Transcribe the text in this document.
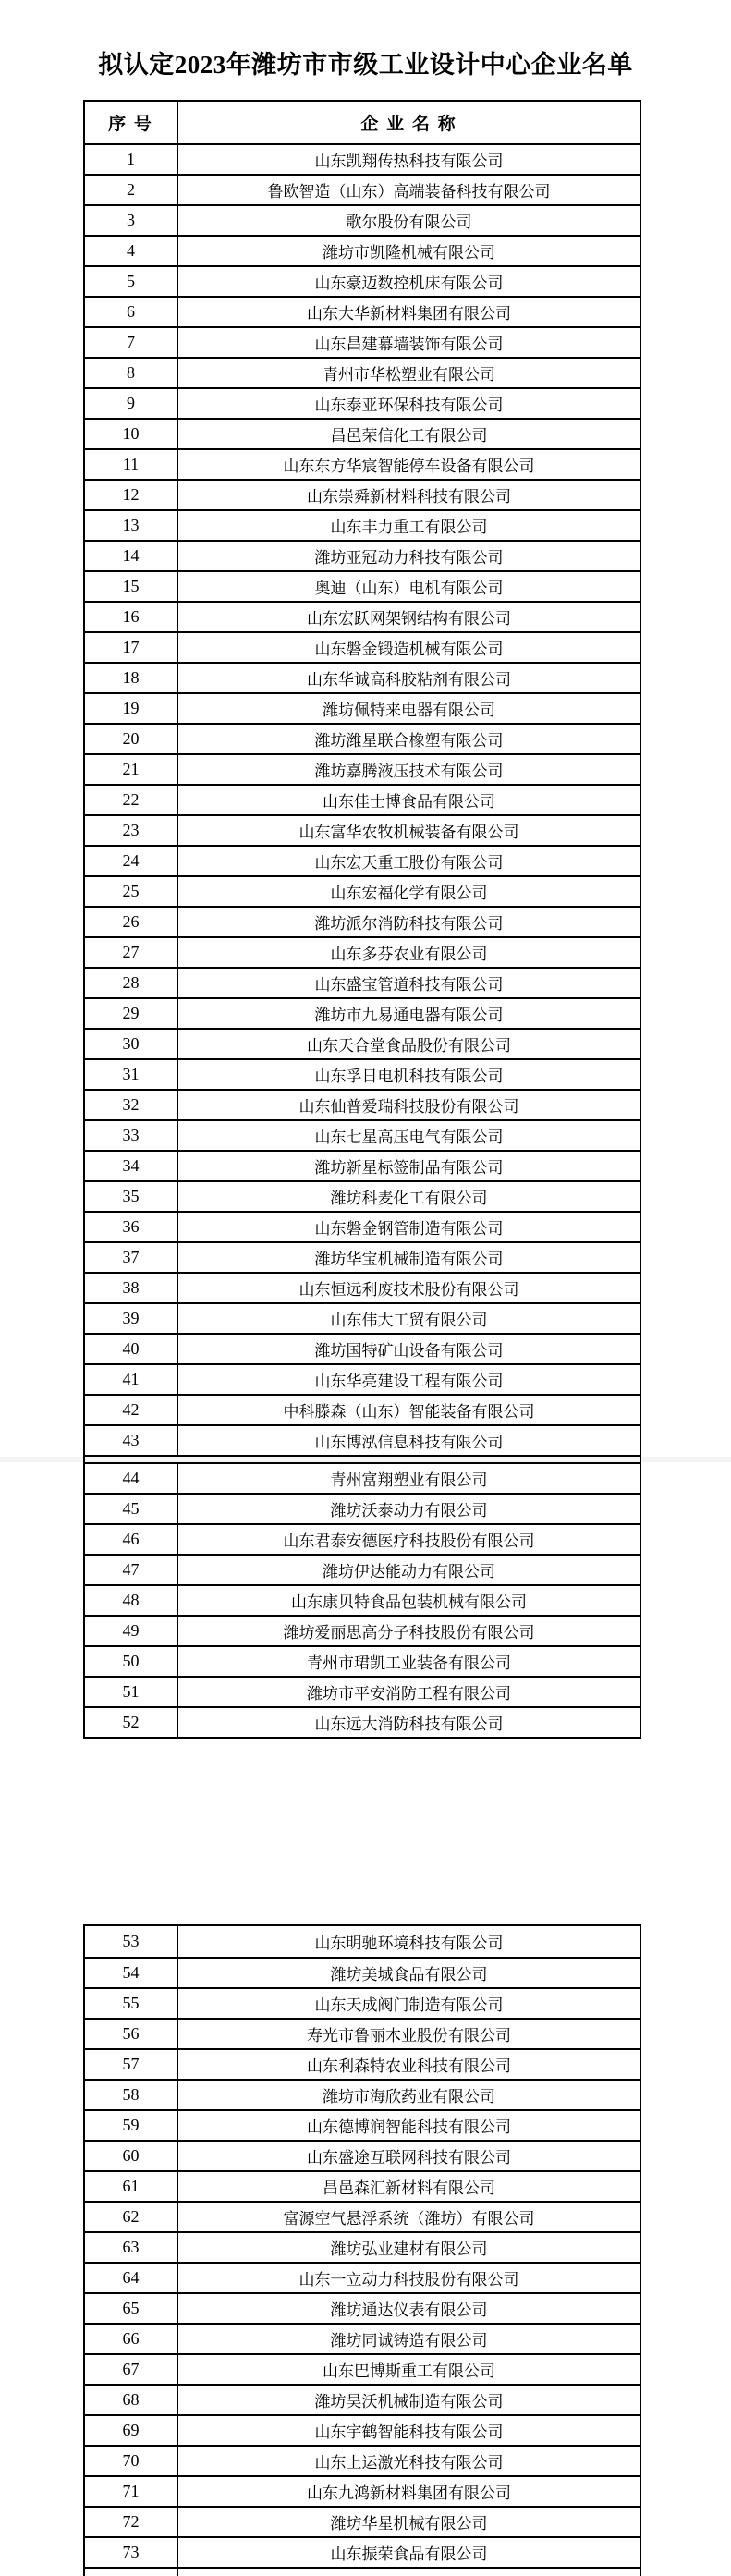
拟认定2023年潍坊市市级工业设计中心企业名单
序 号	企 业 名 称
1	山东凯翔传热科技有限公司
2	鲁欧智造（山东）高端装备科技有限公司
3	歌尔股份有限公司
4	潍坊市凯隆机械有限公司
5	山东豪迈数控机床有限公司
6	山东大华新材料集团有限公司
7	山东昌建幕墙装饰有限公司
8	青州市华松塑业有限公司
9	山东泰亚环保科技有限公司
10	昌邑荣信化工有限公司
11	山东东方华宸智能停车设备有限公司
12	山东崇舜新材料科技有限公司
13	山东丰力重工有限公司
14	潍坊亚冠动力科技有限公司
15	奥迪（山东）电机有限公司
16	山东宏跃网架钢结构有限公司
17	山东磐金锻造机械有限公司
18	山东华诚高科胶粘剂有限公司
19	潍坊佩特来电器有限公司
20	潍坊潍星联合橡塑有限公司
21	潍坊嘉腾液压技术有限公司
22	山东佳士博食品有限公司
23	山东富华农牧机械装备有限公司
24	山东宏天重工股份有限公司
25	山东宏福化学有限公司
26	潍坊派尔消防科技有限公司
27	山东多芬农业有限公司
28	山东盛宝管道科技有限公司
29	潍坊市九易通电器有限公司
30	山东天合堂食品股份有限公司
31	山东孚日电机科技有限公司
32	山东仙普爱瑞科技股份有限公司
33	山东七星高压电气有限公司
34	潍坊新星标签制品有限公司
35	潍坊科麦化工有限公司
36	山东磐金钢管制造有限公司
37	潍坊华宝机械制造有限公司
38	山东恒远利废技术股份有限公司
39	山东伟大工贸有限公司
40	潍坊国特矿山设备有限公司
41	山东华亮建设工程有限公司
42	中科滕森（山东）智能装备有限公司
43	山东博泓信息科技有限公司
44	青州富翔塑业有限公司
45	潍坊沃泰动力有限公司
46	山东君泰安德医疗科技股份有限公司
47	潍坊伊达能动力有限公司
48	山东康贝特食品包装机械有限公司
49	潍坊爱丽思高分子科技股份有限公司
50	青州市珺凯工业装备有限公司
51	潍坊市平安消防工程有限公司
52	山东远大消防科技有限公司
53	山东明驰环境科技有限公司
54	潍坊美城食品有限公司
55	山东天成阀门制造有限公司
56	寿光市鲁丽木业股份有限公司
57	山东利森特农业科技有限公司
58	潍坊市海欣药业有限公司
59	山东德博润智能科技有限公司
60	山东盛途互联网科技有限公司
61	昌邑森汇新材料有限公司
62	富源空气悬浮系统（潍坊）有限公司
63	潍坊弘业建材有限公司
64	山东一立动力科技股份有限公司
65	潍坊通达仪表有限公司
66	潍坊同诚铸造有限公司
67	山东巴博斯重工有限公司
68	潍坊昊沃机械制造有限公司
69	山东宇鹤智能科技有限公司
70	山东上运激光科技有限公司
71	山东九鸿新材料集团有限公司
72	潍坊华星机械有限公司
73	山东振荣食品有限公司
